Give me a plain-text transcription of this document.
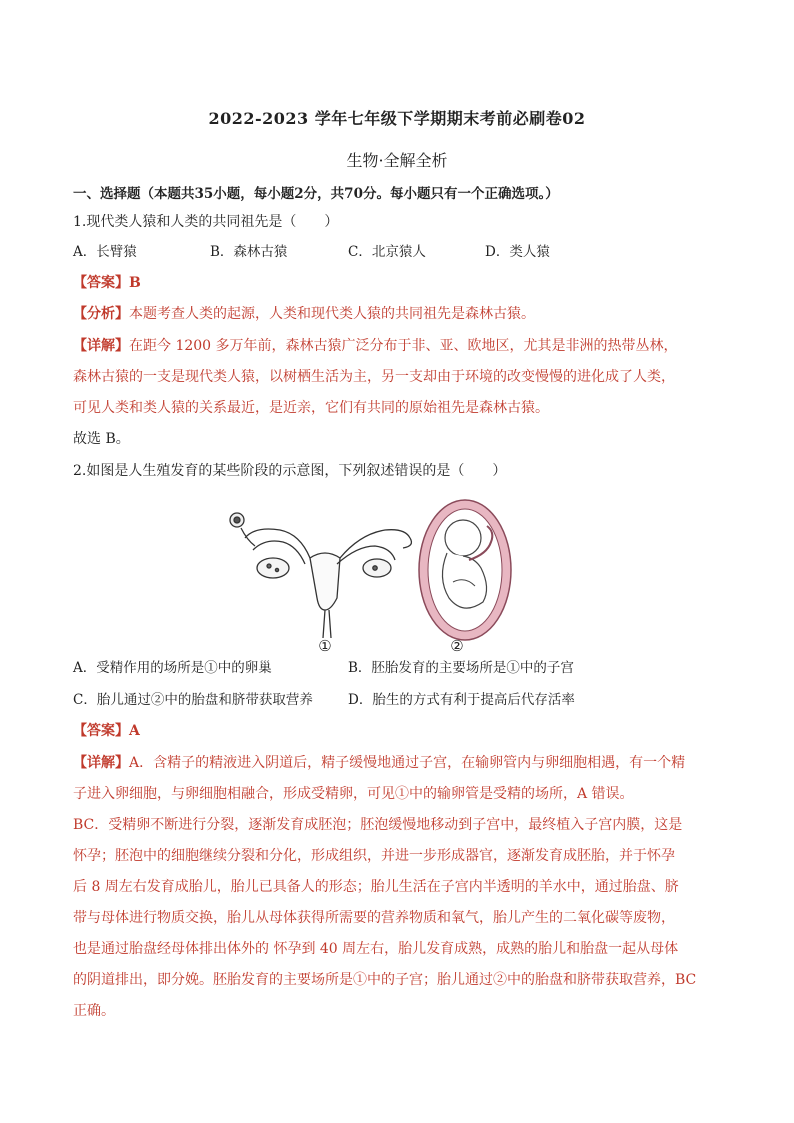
2022-2023 学年七年级下学期期末考前必刷卷02
生物·全解全析
一、选择题（本题共35小题，每小题2分，共70分。每小题只有一个正确选项。）
1.现代类人猿和人类的共同祖先是（　　）
A．长臂猿	B．森林古猿	C．北京猿人	D．类人猿
【答案】B
【分析】本题考查人类的起源，人类和现代类人猿的共同祖先是森林古猿。
【详解】在距今 1200 多万年前，森林古猿广泛分布于非、亚、欧地区，尤其是非洲的热带丛林，
森林古猿的一支是现代类人猿，以树栖生活为主，另一支却由于环境的改变慢慢的进化成了人类，
可见人类和类人猿的关系最近，是近亲，它们有共同的原始祖先是森林古猿。
故选 B。
2.如图是人生殖发育的某些阶段的示意图，下列叙述错误的是（　　）
①	②
A．受精作用的场所是①中的卵巢	B．胚胎发育的主要场所是①中的子宫
C．胎儿通过②中的胎盘和脐带获取营养	D．胎生的方式有利于提高后代存活率
【答案】A
【详解】A．含精子的精液进入阴道后，精子缓慢地通过子宫，在输卵管内与卵细胞相遇，有一个精
子进入卵细胞，与卵细胞相融合，形成受精卵，可见①中的输卵管是受精的场所，A 错误。
BC．受精卵不断进行分裂，逐渐发育成胚泡；胚泡缓慢地移动到子宫中，最终植入子宫内膜，这是
怀孕；胚泡中的细胞继续分裂和分化，形成组织，并进一步形成器官，逐渐发育成胚胎，并于怀孕
后 8 周左右发育成胎儿，胎儿已具备人的形态；胎儿生活在子宫内半透明的羊水中，通过胎盘、脐
带与母体进行物质交换，胎儿从母体获得所需要的营养物质和氧气，胎儿产生的二氧化碳等废物，
也是通过胎盘经母体排出体外的 怀孕到 40 周左右，胎儿发育成熟，成熟的胎儿和胎盘一起从母体
的阴道排出，即分娩。胚胎发育的主要场所是①中的子宫；胎儿通过②中的胎盘和脐带获取营养，BC
正确。
